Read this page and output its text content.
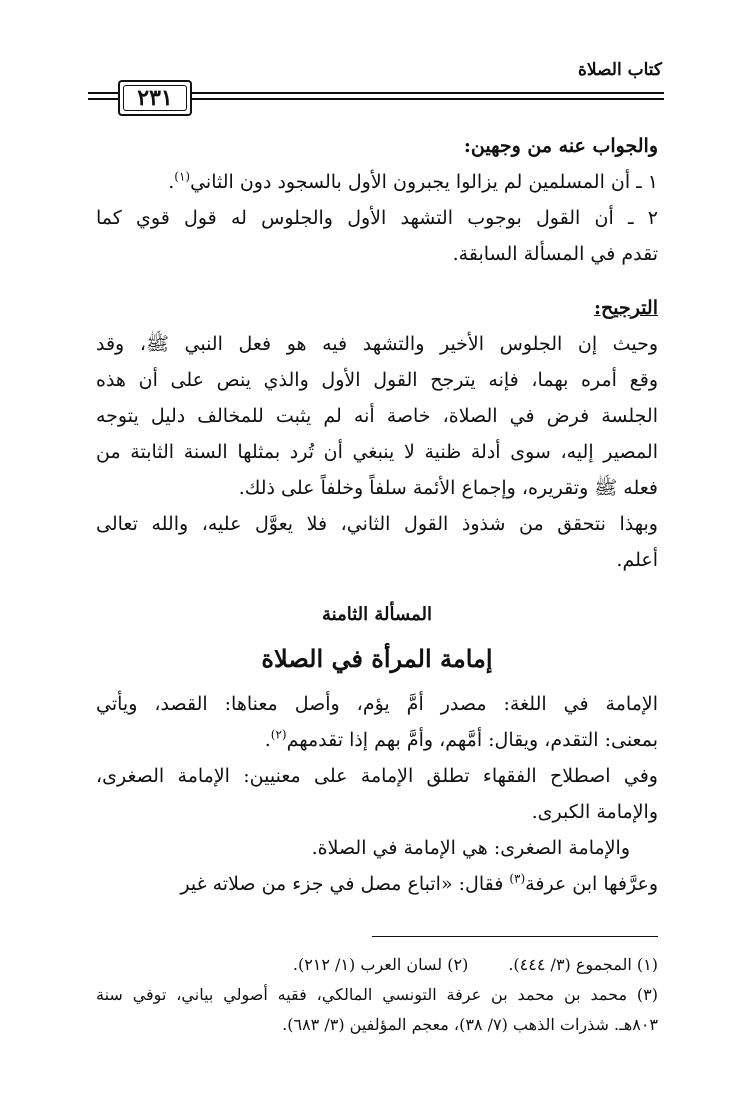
كتاب الصلاة
٢٣١
والجواب عنه من وجهين:
١ ـ أن المسلمين لم يزالوا يجبرون الأول بالسجود دون الثاني$^{(١)}$.
٢ ـ أن القول بوجوب التشهد الأول والجلوس له قول قوي كما
تقدم في المسألة السابقة.
الترجيح:
وحيث إن الجلوس الأخير والتشهد فيه هو فعل النبي ﷺ، وقد
وقع أمره بهما، فإنه يترجح القول الأول والذي ينص على أن هذه
الجلسة فرض في الصلاة، خاصة أنه لم يثبت للمخالف دليل يتوجه
المصير إليه، سوى أدلة ظنية لا ينبغي أن تُرد بمثلها السنة الثابتة من
فعله ﷺ وتقريره، وإجماع الأئمة سلفاً وخلفاً على ذلك.
وبهذا نتحقق من شذوذ القول الثاني، فلا يعوَّل عليه، والله تعالى
أعلم.
المسألة الثامنة
إمامة المرأة في الصلاة
الإمامة في اللغة: مصدر أمَّ يؤم، وأصل معناها: القصد، ويأتي
بمعنى: التقدم، ويقال: أمَّهم، وأمَّ بهم إذا تقدمهم$^{(٢)}$.
وفي اصطلاح الفقهاء تطلق الإمامة على معنيين: الإمامة الصغرى،
والإمامة الكبرى.
والإمامة الصغرى: هي الإمامة في الصلاة.
وعرَّفها ابن عرفة$^{(٣)}$ فقال: «اتباع مصل في جزء من صلاته غير
(١) المجموع (٣/ ٤٤٤).
(٢) لسان العرب (١/ ٢١٢).
(٣) محمد بن محمد بن عرفة التونسي المالكي، فقيه أصولي بياني، توفي سنة
٨٠٣هـ. شذرات الذهب (٧/ ٣٨)، معجم المؤلفين (٣/ ٦٨٣).
